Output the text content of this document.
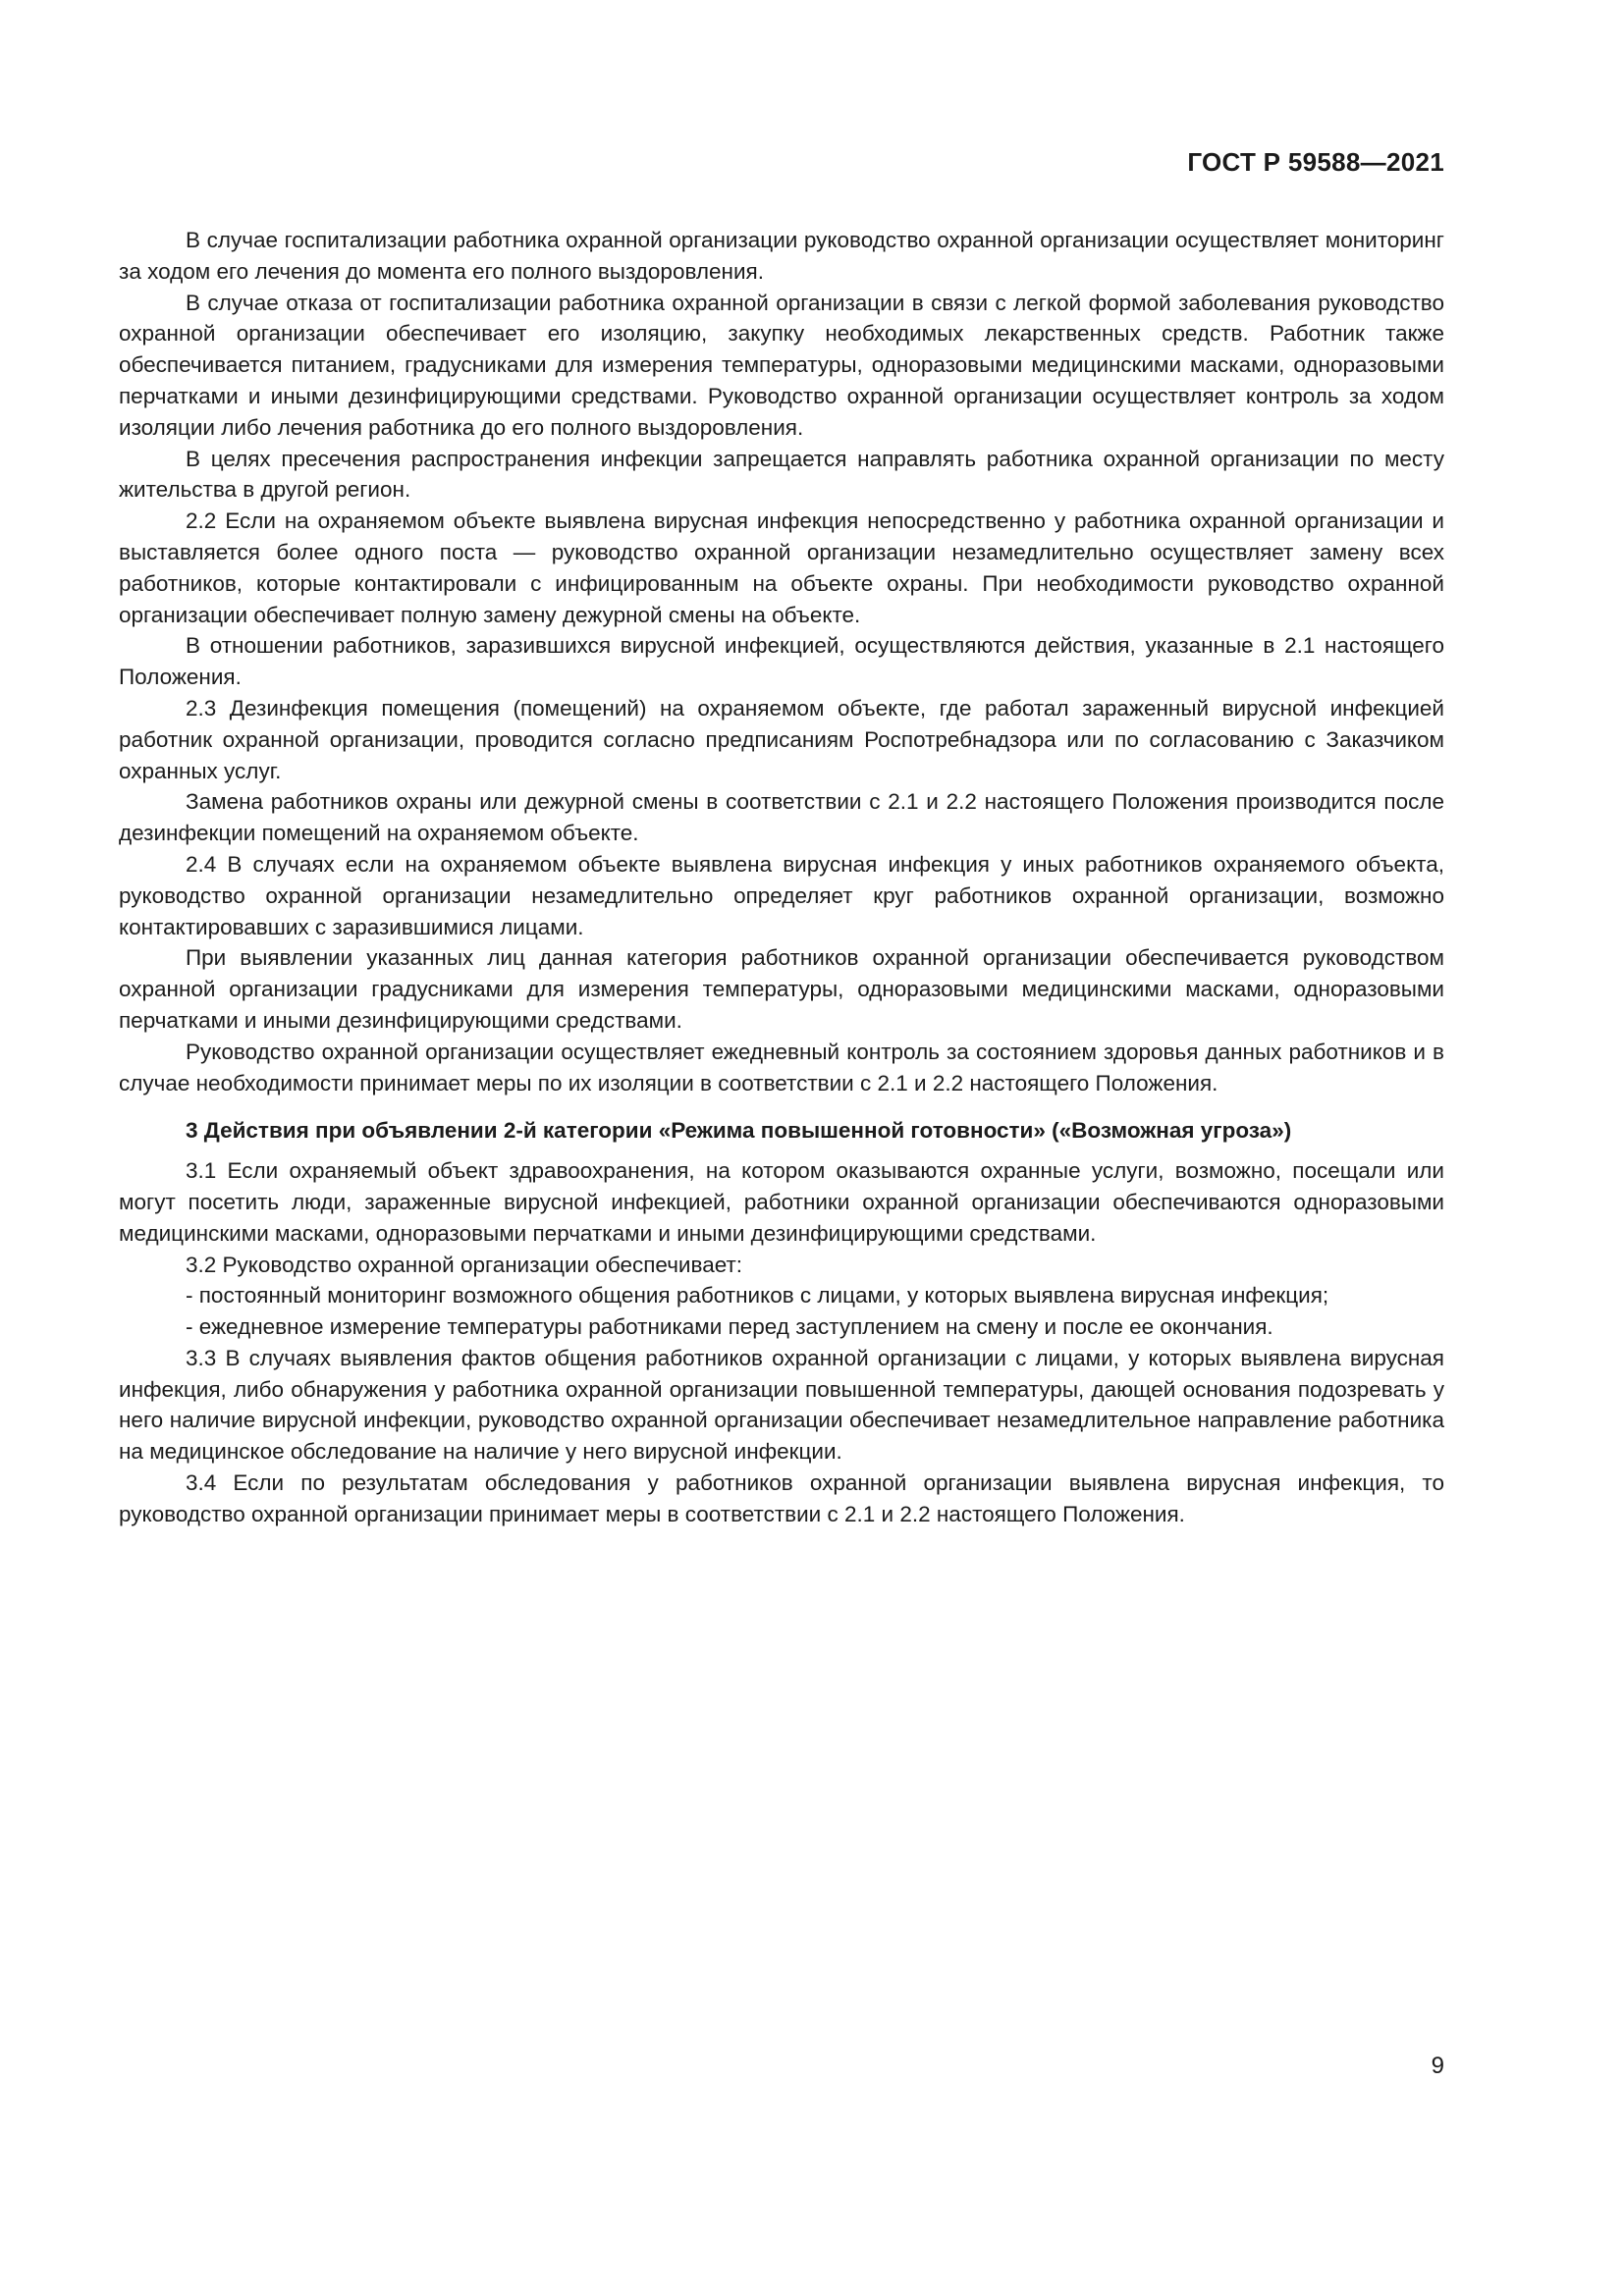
ГОСТ Р 59588—2021

В случае госпитализации работника охранной организации руководство охранной организации осуществляет мониторинг за ходом его лечения до момента его полного выздоровления.

В случае отказа от госпитализации работника охранной организации в связи с легкой формой заболевания руководство охранной организации обеспечивает его изоляцию, закупку необходимых лекарственных средств. Работник также обеспечивается питанием, градусниками для измерения температуры, одноразовыми медицинскими масками, одноразовыми перчатками и иными дезинфицирующими средствами. Руководство охранной организации осуществляет контроль за ходом изоляции либо лечения работника до его полного выздоровления.

В целях пресечения распространения инфекции запрещается направлять работника охранной организации по месту жительства в другой регион.

2.2 Если на охраняемом объекте выявлена вирусная инфекция непосредственно у работника охранной организации и выставляется более одного поста — руководство охранной организации незамедлительно осуществляет замену всех работников, которые контактировали с инфицированным на объекте охраны. При необходимости руководство охранной организации обеспечивает полную замену дежурной смены на объекте.

В отношении работников, заразившихся вирусной инфекцией, осуществляются действия, указанные в 2.1 настоящего Положения.

2.3 Дезинфекция помещения (помещений) на охраняемом объекте, где работал зараженный вирусной инфекцией работник охранной организации, проводится согласно предписаниям Роспотребнадзора или по согласованию с Заказчиком охранных услуг.

Замена работников охраны или дежурной смены в соответствии с 2.1 и 2.2 настоящего Положения производится после дезинфекции помещений на охраняемом объекте.

2.4 В случаях если на охраняемом объекте выявлена вирусная инфекция у иных работников охраняемого объекта, руководство охранной организации незамедлительно определяет круг работников охранной организации, возможно контактировавших с заразившимися лицами.

При выявлении указанных лиц данная категория работников охранной организации обеспечивается руководством охранной организации градусниками для измерения температуры, одноразовыми медицинскими масками, одноразовыми перчатками и иными дезинфицирующими средствами.

Руководство охранной организации осуществляет ежедневный контроль за состоянием здоровья данных работников и в случае необходимости принимает меры по их изоляции в соответствии с 2.1 и 2.2 настоящего Положения.

3 Действия при объявлении 2-й категории «Режима повышенной готовности» («Возможная угроза»)

3.1 Если охраняемый объект здравоохранения, на котором оказываются охранные услуги, возможно, посещали или могут посетить люди, зараженные вирусной инфекцией, работники охранной организации обеспечиваются одноразовыми медицинскими масками, одноразовыми перчатками и иными дезинфицирующими средствами.

3.2 Руководство охранной организации обеспечивает:

- постоянный мониторинг возможного общения работников с лицами, у которых выявлена вирусная инфекция;

- ежедневное измерение температуры работниками перед заступлением на смену и после ее окончания.

3.3 В случаях выявления фактов общения работников охранной организации с лицами, у которых выявлена вирусная инфекция, либо обнаружения у работника охранной организации повышенной температуры, дающей основания подозревать у него наличие вирусной инфекции, руководство охранной организации обеспечивает незамедлительное направление работника на медицинское обследование на наличие у него вирусной инфекции.

3.4 Если по результатам обследования у работников охранной организации выявлена вирусная инфекция, то руководство охранной организации принимает меры в соответствии с 2.1 и 2.2 настоящего Положения.

9
